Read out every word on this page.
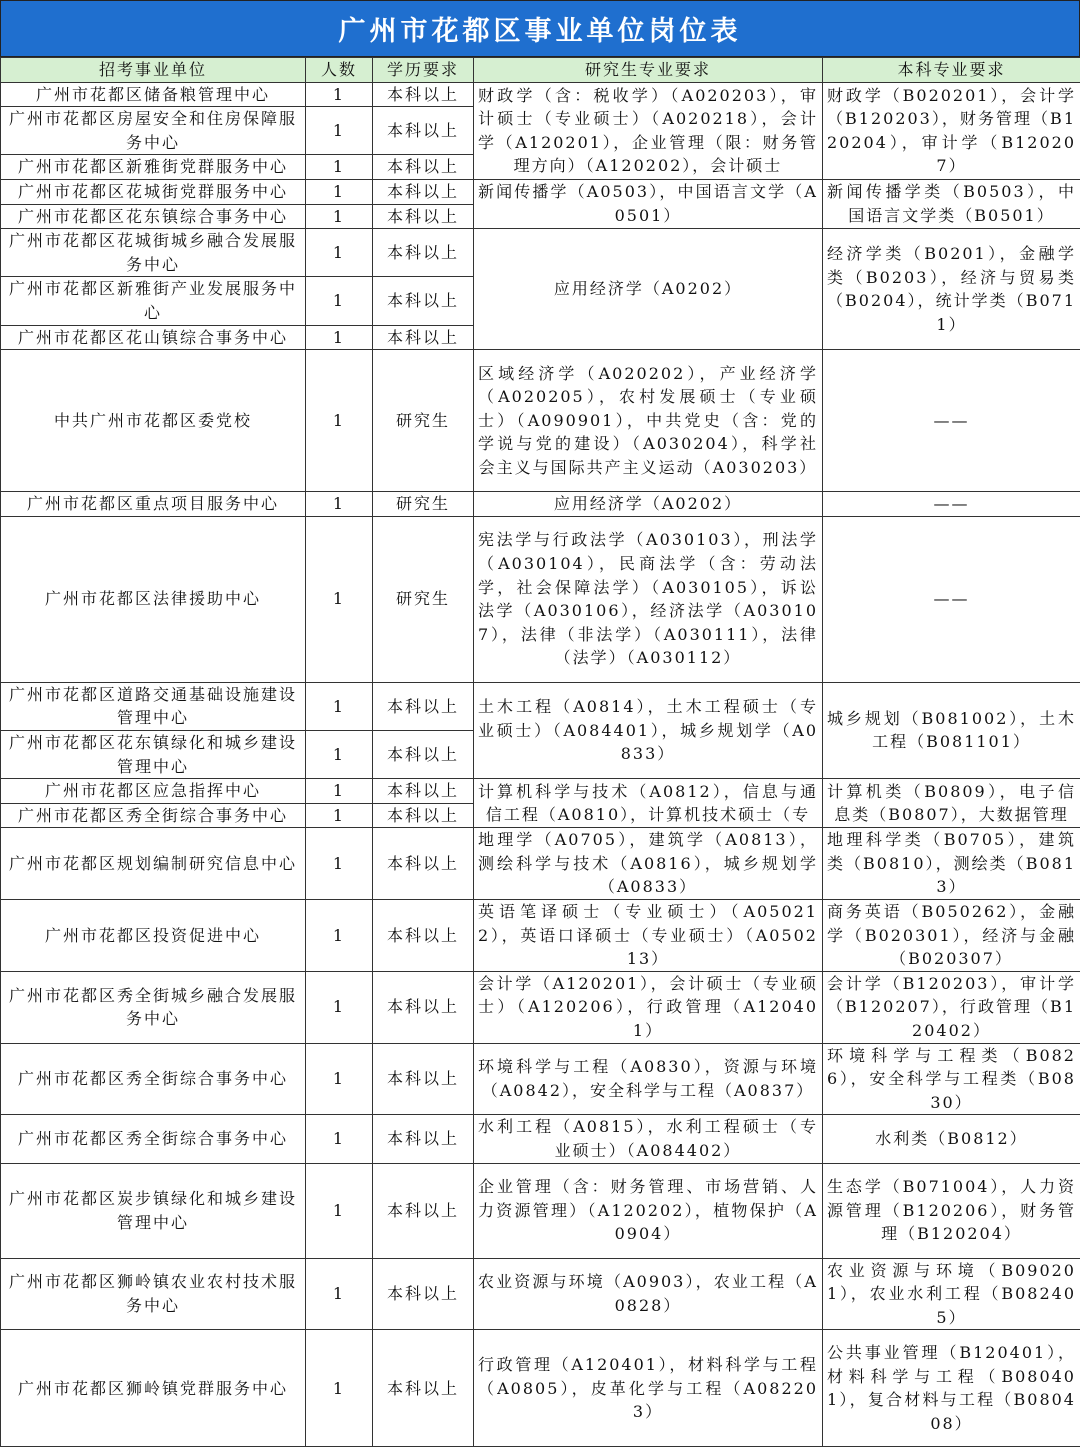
广州市花都区事业单位岗位表
招考事业单位	人数	学历要求	研究生专业要求	本科专业要求
广州市花都区储备粮管理中心	1	本科以上	财政学（含：税收学）（A020203），审计硕士（专业硕士）（A020218），会计学（A120201），企业管理（限：财务管理方向）（A120202），会计硕士	财政学（B020201），会计学（B120203），财务管理（B120204），审计学（B120207）
广州市花都区房屋安全和住房保障服务中心	1	本科以上		
广州市花都区新雅街党群服务中心	1	本科以上		
广州市花都区花城街党群服务中心	1	本科以上	新闻传播学（A0503），中国语言文学（A0501）	新闻传播学类（B0503），中国语言文学类（B0501）
广州市花都区花东镇综合事务中心	1	本科以上		
广州市花都区花城街城乡融合发展服务中心	1	本科以上	应用经济学（A0202）	经济学类（B0201），金融学类（B0203），经济与贸易类（B0204），统计学类（B0711）
广州市花都区新雅街产业发展服务中心	1	本科以上		
广州市花都区花山镇综合事务中心	1	本科以上		
中共广州市花都区委党校	1	研究生	区域经济学（A020202），产业经济学（A020205），农村发展硕士（专业硕士）（A090901），中共党史（含：党的学说与党的建设）（A030204），科学社会主义与国际共产主义运动（A030203）	——
广州市花都区重点项目服务中心	1	研究生	应用经济学（A0202）	——
广州市花都区法律援助中心	1	研究生	宪法学与行政法学（A030103），刑法学（A030104），民商法学（含：劳动法学，社会保障法学）（A030105），诉讼法学（A030106），经济法学（A030107），法律（非法学）（A030111），法律（法学）（A030112）	——
广州市花都区道路交通基础设施建设管理中心	1	本科以上	土木工程（A0814），土木工程硕士（专业硕士）（A084401），城乡规划学（A0833）	城乡规划（B081002），土木工程（B081101）
广州市花都区花东镇绿化和城乡建设管理中心	1	本科以上		
广州市花都区应急指挥中心	1	本科以上	计算机科学与技术（A0812），信息与通信工程（A0810），计算机技术硕士（专	计算机类（B0809），电子信息类（B0807），大数据管理
广州市花都区秀全街综合事务中心	1	本科以上		
广州市花都区规划编制研究信息中心	1	本科以上	地理学（A0705），建筑学（A0813），测绘科学与技术（A0816），城乡规划学（A0833）	地理科学类（B0705），建筑类（B0810），测绘类（B0813）
广州市花都区投资促进中心	1	本科以上	英语笔译硕士（专业硕士）（A050212），英语口译硕士（专业硕士）（A050213）	商务英语（B050262），金融学（B020301），经济与金融（B020307）
广州市花都区秀全街城乡融合发展服务中心	1	本科以上	会计学（A120201），会计硕士（专业硕士）（A120206），行政管理（A120401）	会计学（B120203），审计学（B120207），行政管理（B120402）
广州市花都区秀全街综合事务中心	1	本科以上	环境科学与工程（A0830），资源与环境（A0842），安全科学与工程（A0837）	环境科学与工程类（B0826），安全科学与工程类（B0830）
广州市花都区秀全街综合事务中心	1	本科以上	水利工程（A0815），水利工程硕士（专业硕士）（A084402）	水利类（B0812）
广州市花都区炭步镇绿化和城乡建设管理中心	1	本科以上	企业管理（含：财务管理、市场营销、人力资源管理）（A120202），植物保护（A0904）	生态学（B071004），人力资源管理（B120206），财务管理（B120204）
广州市花都区狮岭镇农业农村技术服务中心	1	本科以上	农业资源与环境（A0903），农业工程（A0828）	农业资源与环境（B090201），农业水利工程（B082405）
广州市花都区狮岭镇党群服务中心	1	本科以上	行政管理（A120401），材料科学与工程（A0805），皮革化学与工程（A082203）	公共事业管理（B120401），材料科学与工程（B080401），复合材料与工程（B080408）
